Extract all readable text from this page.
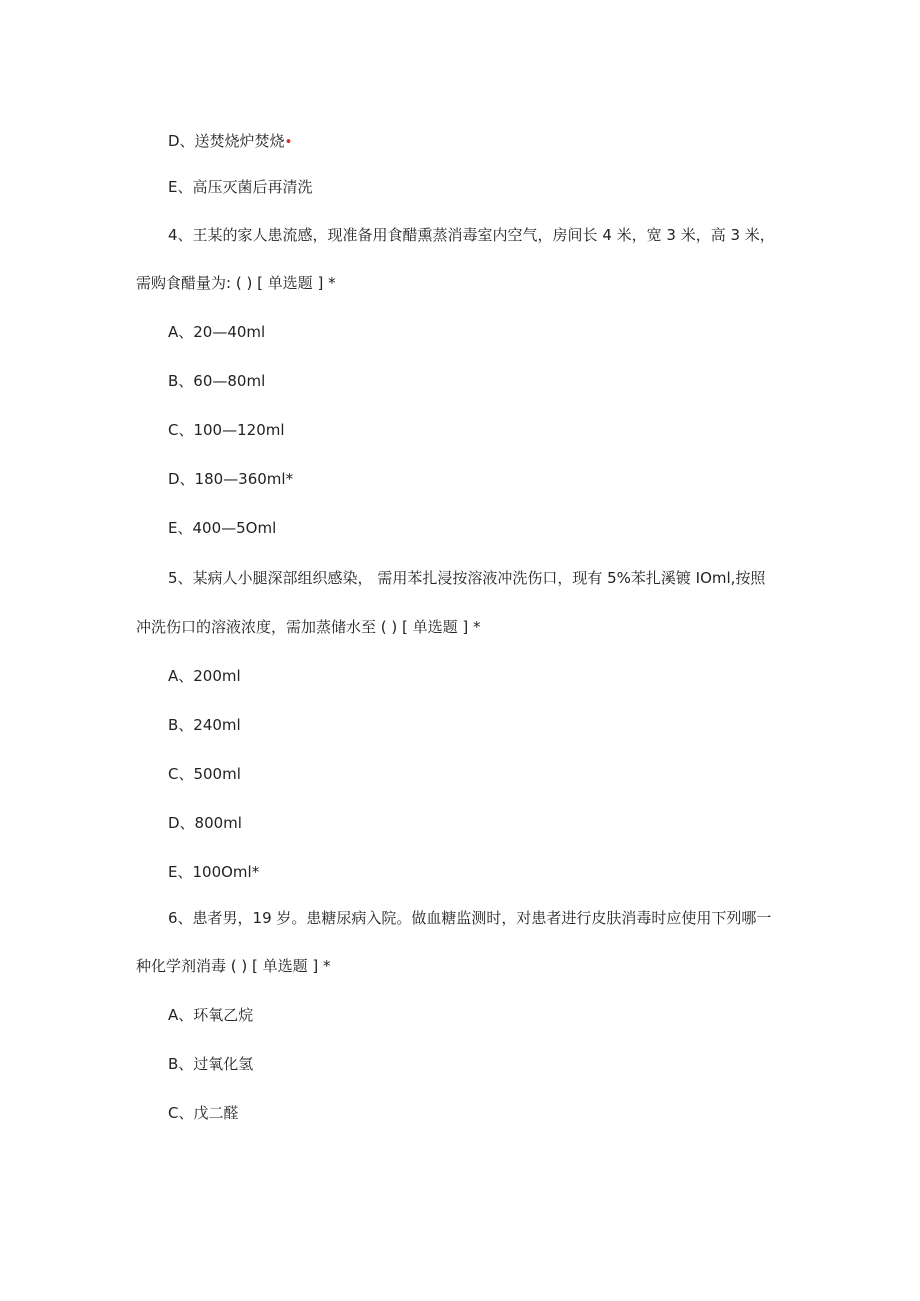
D、送焚烧炉焚烧•
E、高压灭菌后再清洗
4、王某的家人患流感，现准备用食醋熏蒸消毒室内空气，房间长 4 米，宽 3 米，高 3 米，
需购食醋量为: ( ) [ 单选题 ] *
A、20—40ml
B、60—80ml
C、100—120ml
D、180—360ml*
E、400—5Oml
5、某病人小腿深部组织感染， 需用苯扎浸按溶液冲洗伤口，现有 5%苯扎溪镀 IOml,按照
冲洗伤口的溶液浓度，需加蒸储水至 ( ) [ 单选题 ] *
A、200ml
B、240ml
C、500ml
D、800ml
E、100Oml*
6、患者男，19 岁。患糖尿病入院。做血糖监测时，对患者进行皮肤消毒时应使用下列哪一
种化学剂消毒 ( ) [ 单选题 ] *
A、环氧乙烷
B、过氧化氢
C、戊二醛
